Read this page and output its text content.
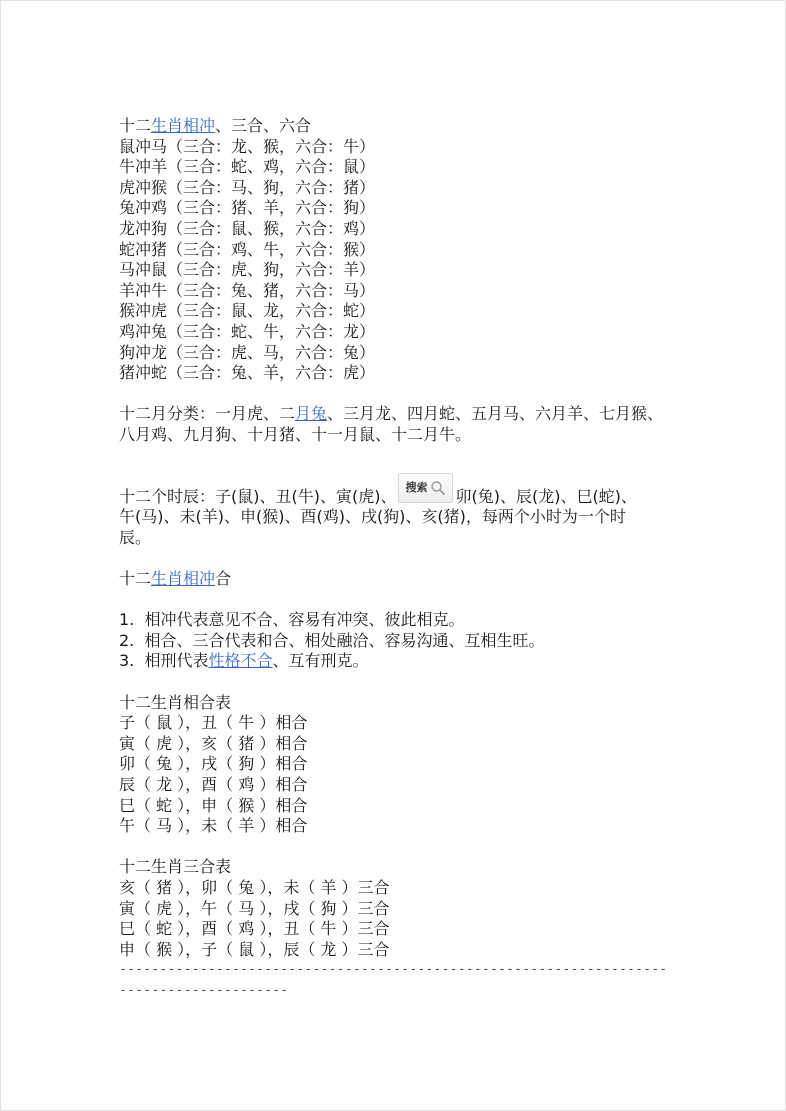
十二生肖相冲、三合、六合
鼠冲马（三合：龙、猴，六合：牛）
牛冲羊（三合：蛇、鸡，六合：鼠）
虎冲猴（三合：马、狗，六合：猪）
兔冲鸡（三合：猪、羊，六合：狗）
龙冲狗（三合：鼠、猴，六合：鸡）
蛇冲猪（三合：鸡、牛，六合：猴）
马冲鼠（三合：虎、狗，六合：羊）
羊冲牛（三合：兔、猪，六合：马）
猴冲虎（三合：鼠、龙，六合：蛇）
鸡冲兔（三合：蛇、牛，六合：龙）
狗冲龙（三合：虎、马，六合：兔）
猪冲蛇（三合：兔、羊，六合：虎）
十二月分类：一月虎、二月兔、三月龙、四月蛇、五月马、六月羊、七月猴、
八月鸡、九月狗、十月猪、十一月鼠、十二月牛。
十二个时辰：子(鼠)、丑(牛)、寅(虎)、 搜索 卯(兔)、辰(龙)、巳(蛇)、
午(马)、未(羊)、申(猴)、酉(鸡)、戌(狗)、亥(猪)，每两个小时为一个时
辰。
十二生肖相冲合
1. 相冲代表意见不合、容易有冲突、彼此相克。
2. 相合、三合代表和合、相处融洽、容易沟通、互相生旺。
3. 相刑代表性格不合、互有刑克。
十二生肖相合表
子（ 鼠 ），丑（ 牛 ）相合
寅（ 虎 ），亥（ 猪 ）相合
卯（ 兔 ），戌（ 狗 ）相合
辰（ 龙 ），酉（ 鸡 ）相合
巳（ 蛇 ），申（ 猴 ）相合
午（ 马 ），未（ 羊 ）相合
十二生肖三合表
亥（ 猪 ），卯（ 兔 ），未（ 羊 ）三合
寅（ 虎 ），午（ 马 ），戌（ 狗 ）三合
巳（ 蛇 ），酉（ 鸡 ），丑（ 牛 ）三合
申（ 猴 ），子（ 鼠 ），辰（ 龙 ）三合
--------------------------------------------------------------------
---------------------
